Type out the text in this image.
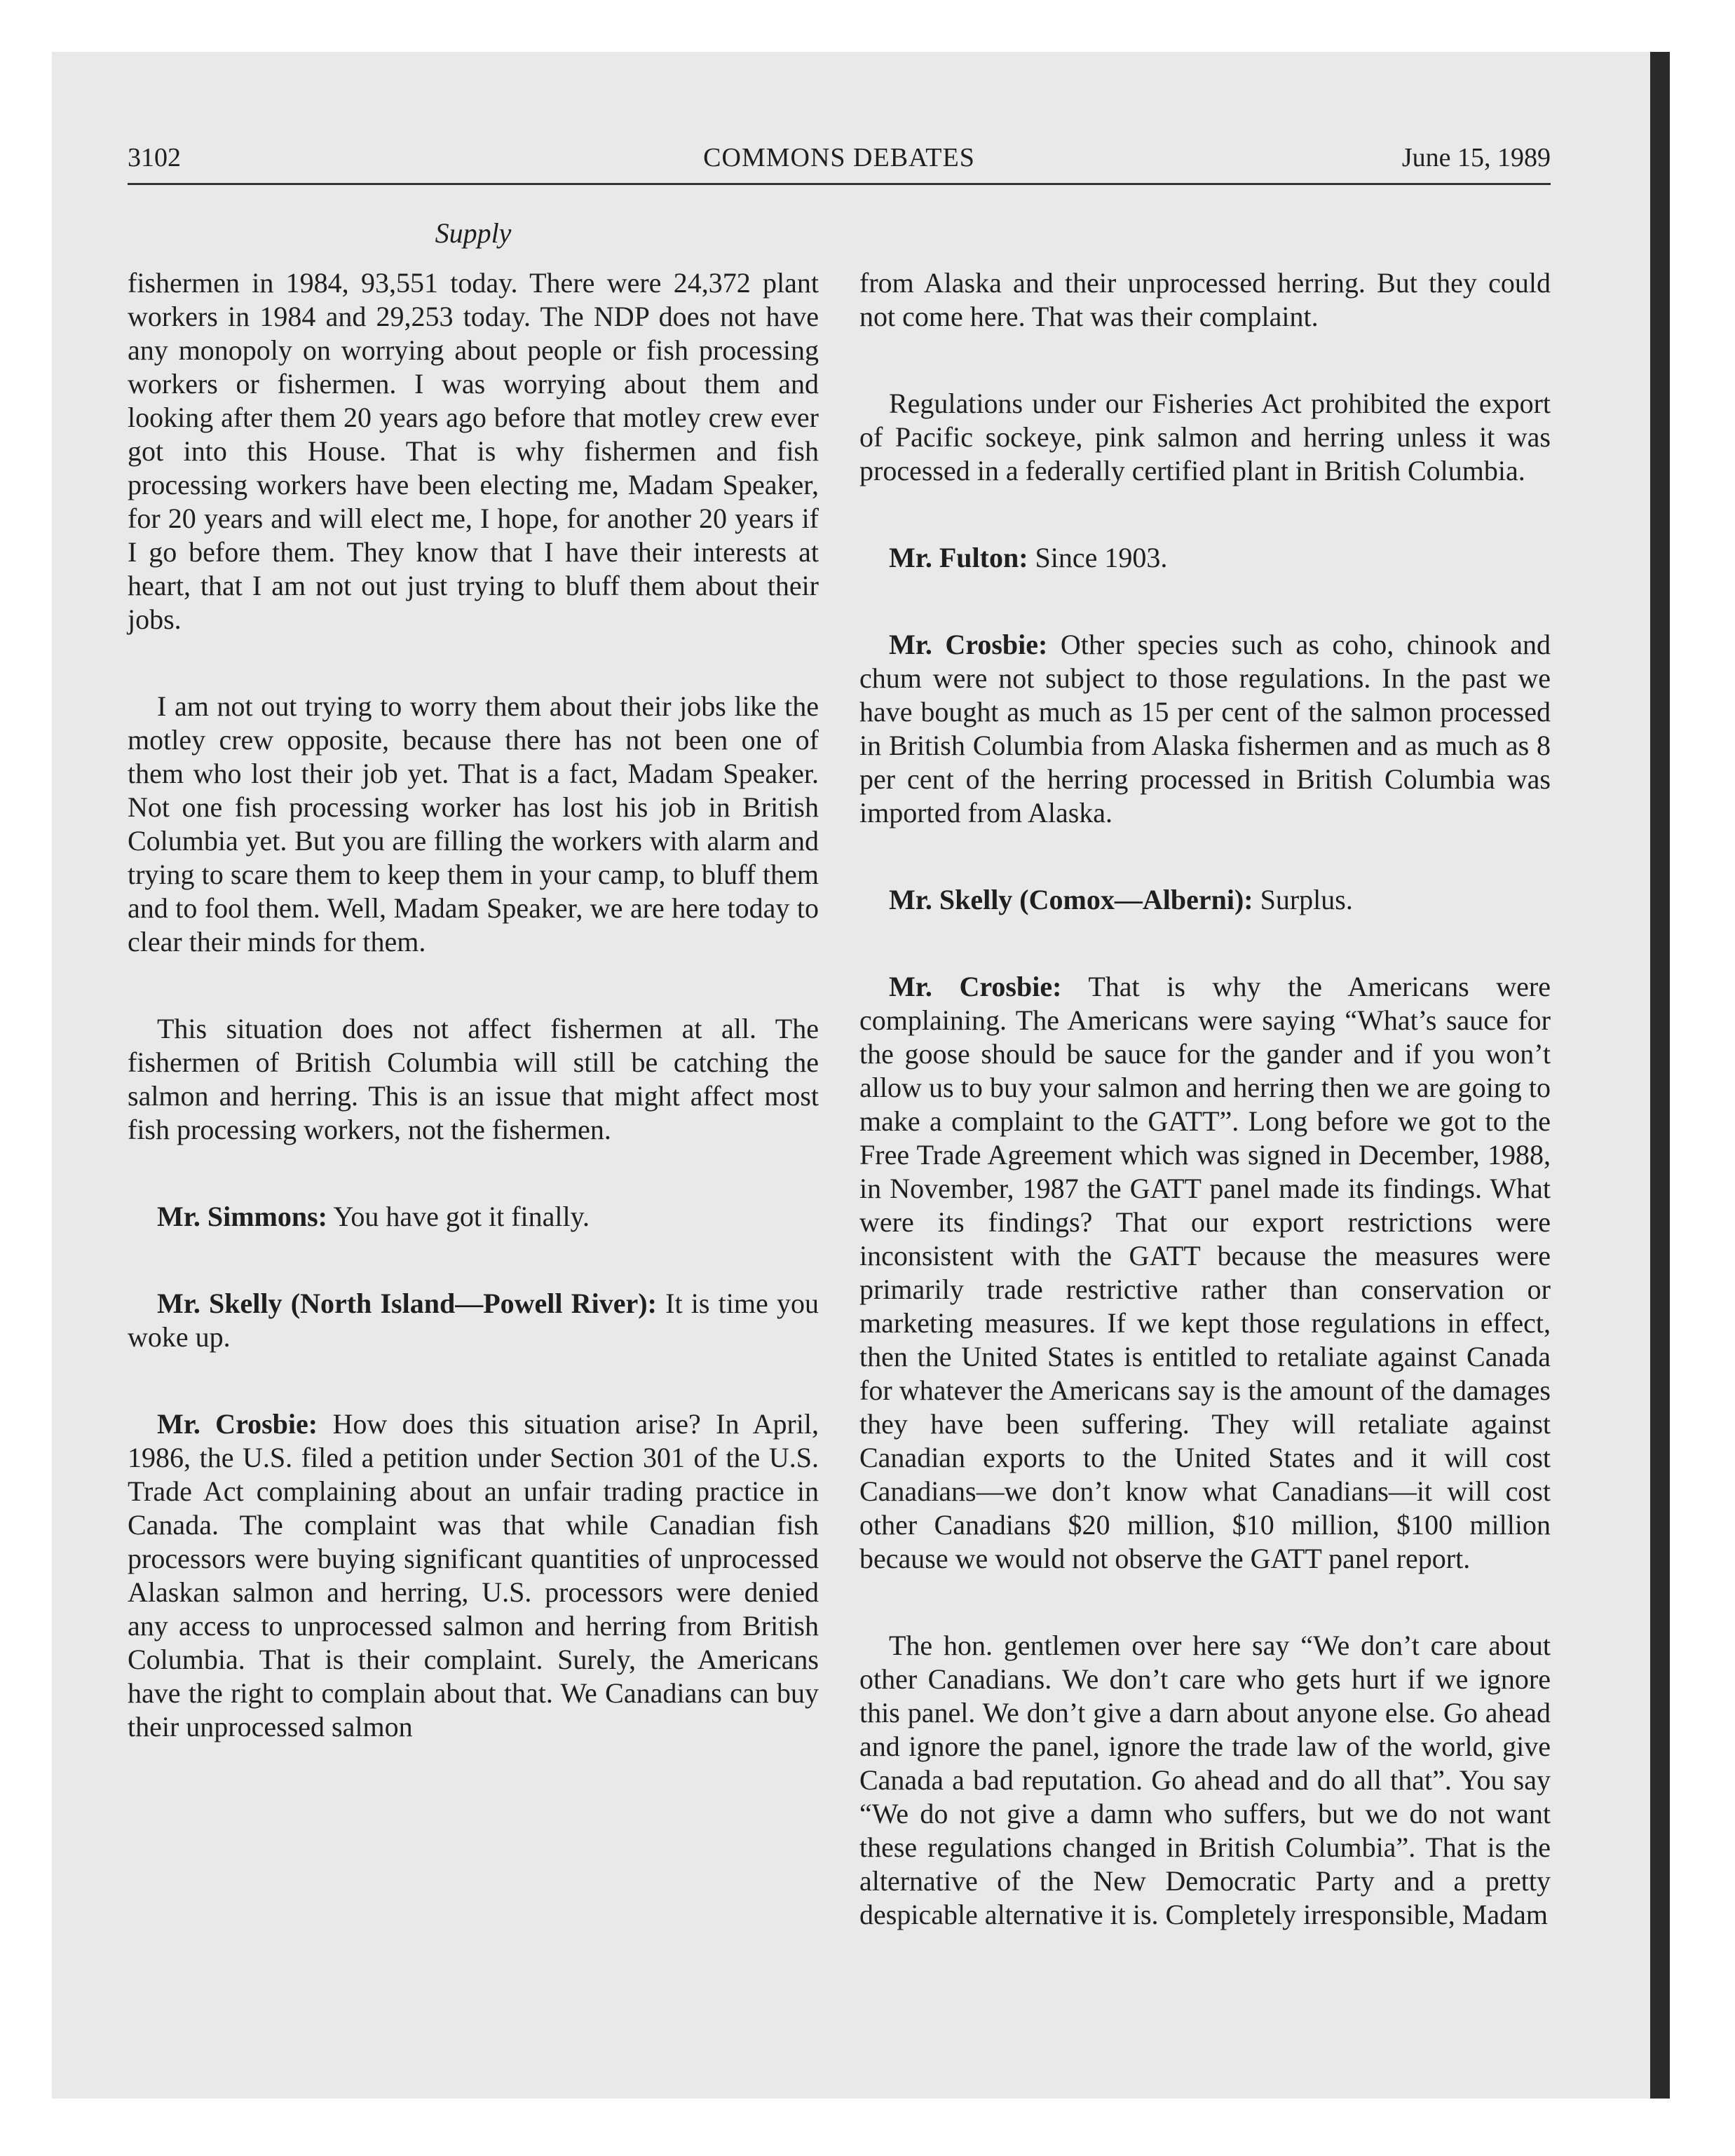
3102	COMMONS DEBATES	June 15, 1989
Supply

fishermen in 1984, 93,551 today. There were 24,372 plant workers in 1984 and 29,253 today. The NDP does not have any monopoly on worrying about people or fish processing workers or fishermen. I was worrying about them and looking after them 20 years ago before that motley crew ever got into this House. That is why fishermen and fish processing workers have been electing me, Madam Speaker, for 20 years and will elect me, I hope, for another 20 years if I go before them. They know that I have their interests at heart, that I am not out just trying to bluff them about their jobs.

I am not out trying to worry them about their jobs like the motley crew opposite, because there has not been one of them who lost their job yet. That is a fact, Madam Speaker. Not one fish processing worker has lost his job in British Columbia yet. But you are filling the workers with alarm and trying to scare them to keep them in your camp, to bluff them and to fool them. Well, Madam Speaker, we are here today to clear their minds for them.

This situation does not affect fishermen at all. The fishermen of British Columbia will still be catching the salmon and herring. This is an issue that might affect most fish processing workers, not the fishermen.

Mr. Simmons: You have got it finally.

Mr. Skelly (North Island—Powell River): It is time you woke up.

Mr. Crosbie: How does this situation arise? In April, 1986, the U.S. filed a petition under Section 301 of the U.S. Trade Act complaining about an unfair trading practice in Canada. The complaint was that while Canadian fish processors were buying significant quantities of unprocessed Alaskan salmon and herring, U.S. processors were denied any access to unprocessed salmon and herring from British Columbia. That is their complaint. Surely, the Americans have the right to complain about that. We Canadians can buy their unprocessed salmon

from Alaska and their unprocessed herring. But they could not come here. That was their complaint.

Regulations under our Fisheries Act prohibited the export of Pacific sockeye, pink salmon and herring unless it was processed in a federally certified plant in British Columbia.

Mr. Fulton: Since 1903.

Mr. Crosbie: Other species such as coho, chinook and chum were not subject to those regulations. In the past we have bought as much as 15 per cent of the salmon processed in British Columbia from Alaska fishermen and as much as 8 per cent of the herring processed in British Columbia was imported from Alaska.

Mr. Skelly (Comox—Alberni): Surplus.

Mr. Crosbie: That is why the Americans were complaining. The Americans were saying “What’s sauce for the goose should be sauce for the gander and if you won’t allow us to buy your salmon and herring then we are going to make a complaint to the GATT”. Long before we got to the Free Trade Agreement which was signed in December, 1988, in November, 1987 the GATT panel made its findings. What were its findings? That our export restrictions were inconsistent with the GATT because the measures were primarily trade restrictive rather than conservation or marketing measures. If we kept those regulations in effect, then the United States is entitled to retaliate against Canada for whatever the Americans say is the amount of the damages they have been suffering. They will retaliate against Canadian exports to the United States and it will cost Canadians—we don’t know what Canadians—it will cost other Canadians $20 million, $10 million, $100 million because we would not observe the GATT panel report.

The hon. gentlemen over here say “We don’t care about other Canadians. We don’t care who gets hurt if we ignore this panel. We don’t give a darn about anyone else. Go ahead and ignore the panel, ignore the trade law of the world, give Canada a bad reputation. Go ahead and do all that”. You say “We do not give a damn who suffers, but we do not want these regulations changed in British Columbia”. That is the alternative of the New Democratic Party and a pretty despicable alternative it is. Completely irresponsible, Madam
